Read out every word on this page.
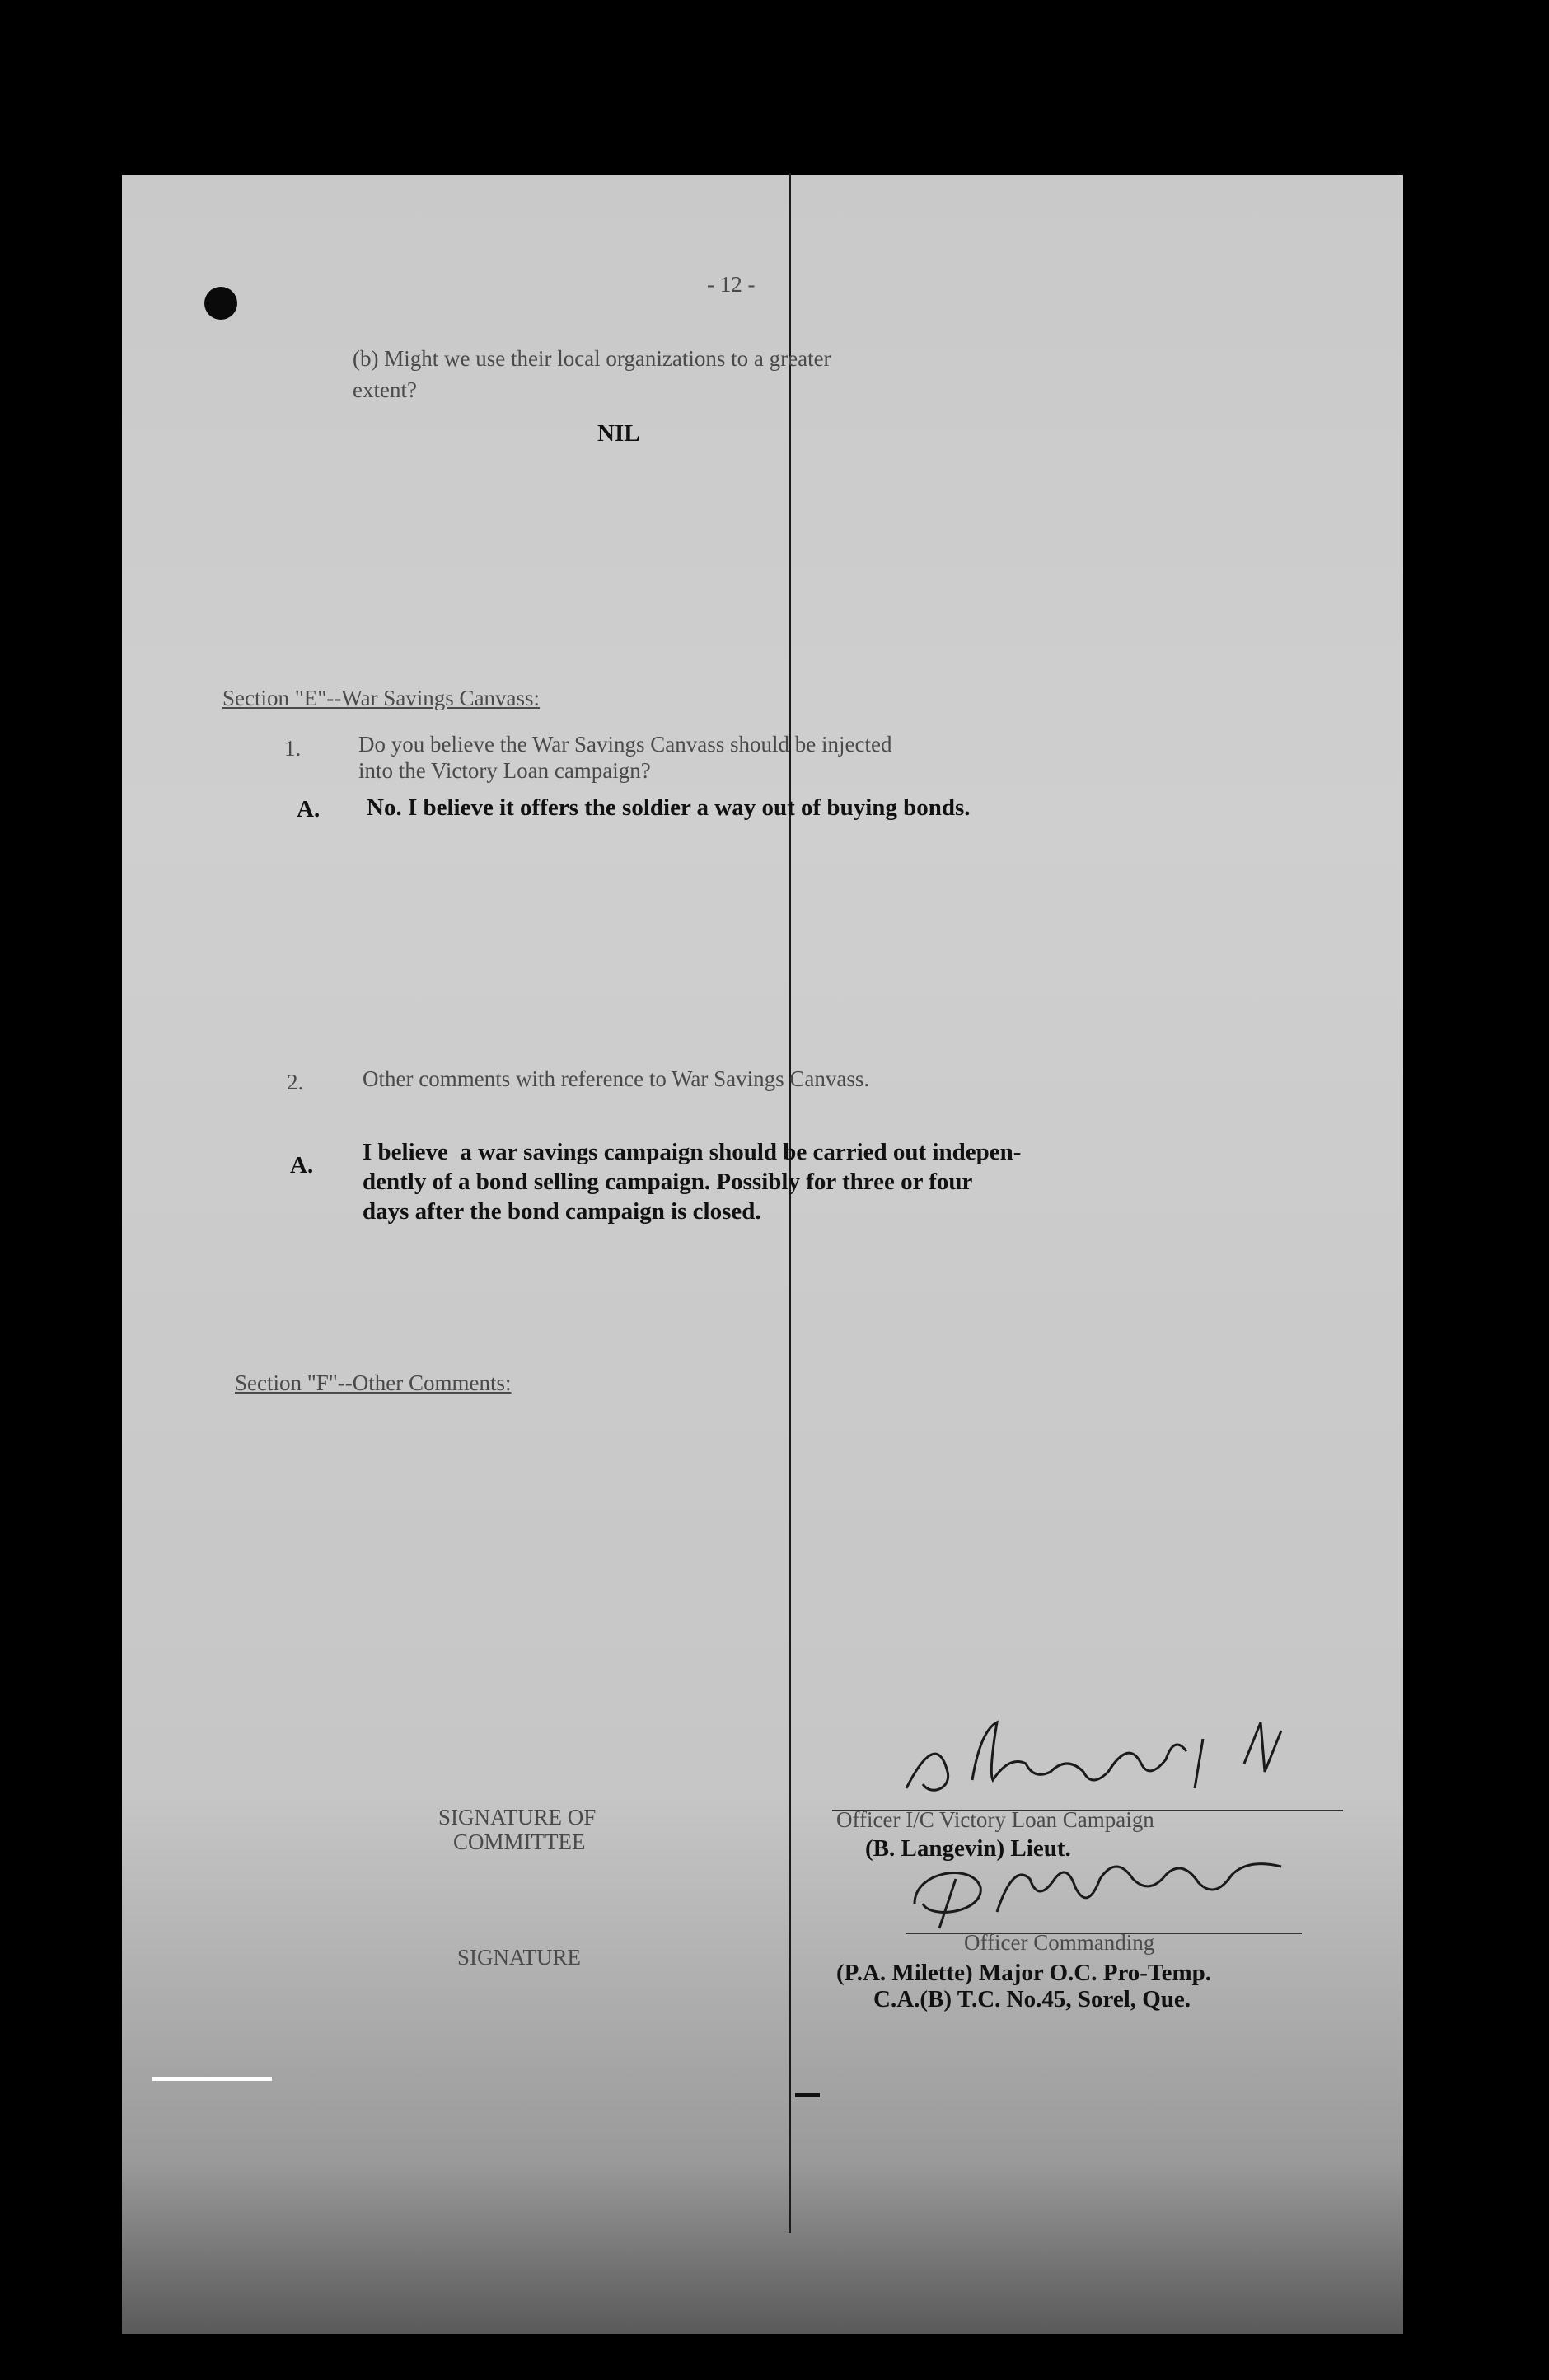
- 12 -
(b) Might we use their local organizations to a greater
extent?
NIL
Section "E"--War Savings Canvass:
1.	Do you believe the War Savings Canvass should be injected
into the Victory Loan campaign?
A. No. I believe it offers the soldier a way out of buying bonds.
2.	Other comments with reference to War Savings Canvass.
A. I believe  a war savings campaign should be carried out indepen-
dently of a bond selling campaign. Possibly for three or four
days after the bond campaign is closed.
Section "F"--Other Comments:
Officer I/C Victory Loan Campaign
(B. Langevin) Lieut.
Officer Commanding
(P.A. Milette) Major O.C. Pro-Temp.
C.A.(B) T.C. No.45, Sorel, Que.
SIGNATURE OF
COMMITTEE
SIGNATURE
